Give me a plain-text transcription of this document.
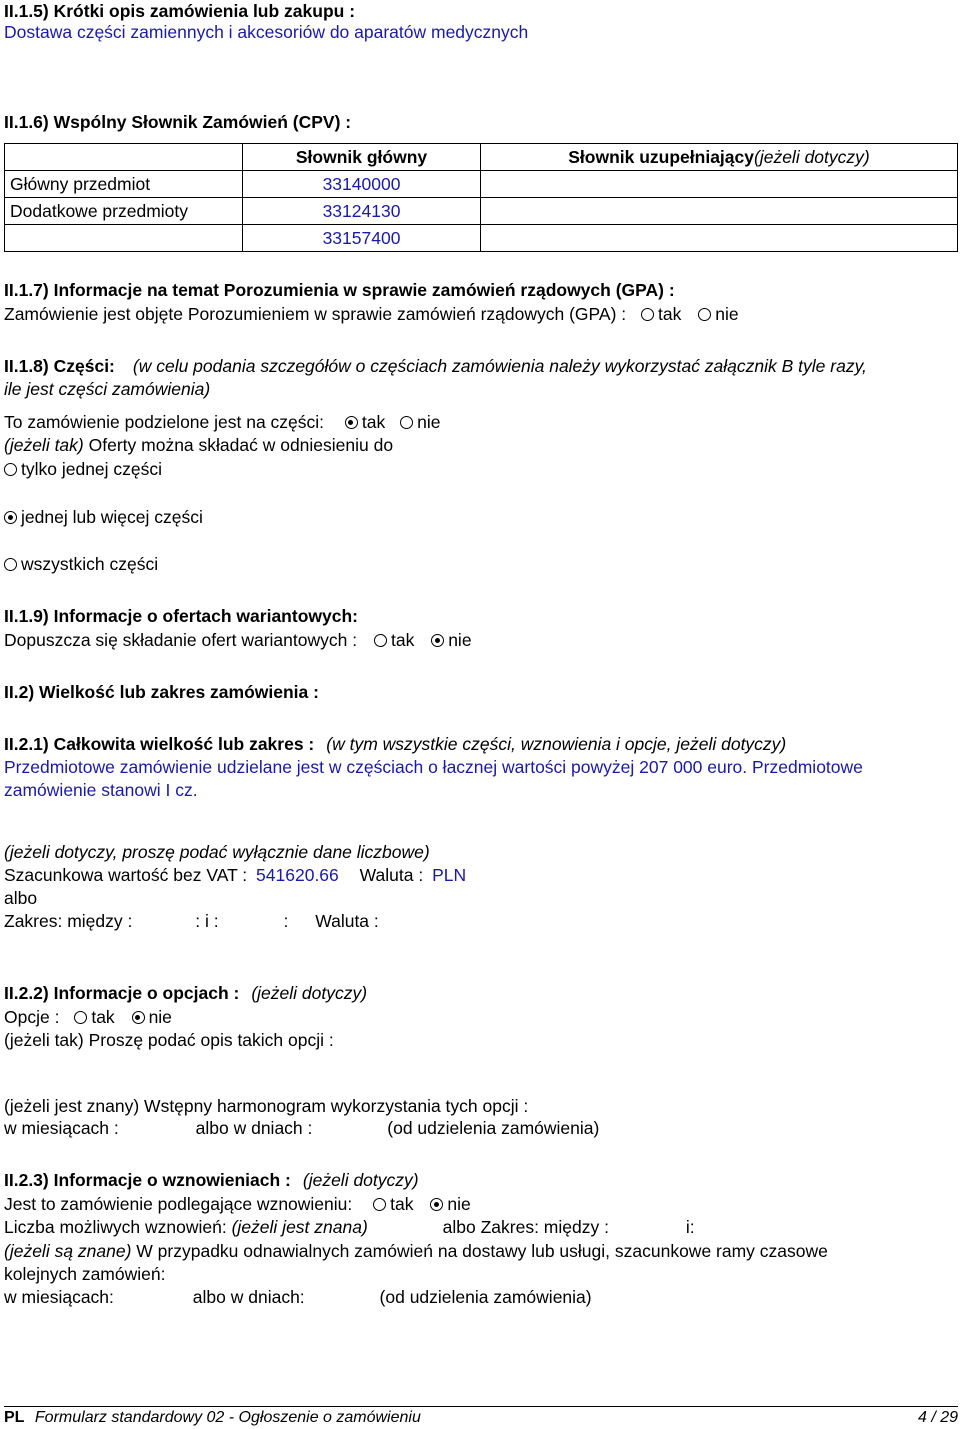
II.1.5) Krótki opis zamówienia lub zakupu :
Dostawa części zamiennych i akcesoriów do aparatów medycznych
II.1.6) Wspólny Słownik Zamówień (CPV) :
	Słownik główny	Słownik uzupełniający(jeżeli dotyczy)
Główny przedmiot	33140000	
Dodatkowe przedmioty	33124130	
	33157400	
II.1.7) Informacje na temat Porozumienia w sprawie zamówień rządowych (GPA) :
Zamówienie jest objęte Porozumieniem w sprawie zamówień rządowych (GPA) : tak nie
II.1.8) Części: (w celu podania szczegółów o częściach zamówienia należy wykorzystać załącznik B tyle razy,
ile jest części zamówienia)
To zamówienie podzielone jest na części: tak nie
(jeżeli tak) Oferty można składać w odniesieniu do
tylko jednej części
jednej lub więcej części
wszystkich części
II.1.9) Informacje o ofertach wariantowych:
Dopuszcza się składanie ofert wariantowych : tak nie
II.2) Wielkość lub zakres zamówienia :
II.2.1) Całkowita wielkość lub zakres : (w tym wszystkie części, wznowienia i opcje, jeżeli dotyczy)
Przedmiotowe zamówienie udzielane jest w częściach o łacznej wartości powyżej 207 000 euro. Przedmiotowe
zamówienie stanowi I cz.
(jeżeli dotyczy, proszę podać wyłącznie dane liczbowe)
Szacunkowa wartość bez VAT : 541620.66 Waluta : PLN
albo
Zakres: między :	: i :	: Waluta :
II.2.2) Informacje o opcjach : (jeżeli dotyczy)
Opcje : tak nie
(jeżeli tak) Proszę podać opis takich opcji :
(jeżeli jest znany) Wstępny harmonogram wykorzystania tych opcji :
w miesiącach :	albo w dniach :	(od udzielenia zamówienia)
II.2.3) Informacje o wznowieniach : (jeżeli dotyczy)
Jest to zamówienie podlegające wznowieniu: tak nie
Liczba możliwych wznowień: (jeżeli jest znana)	albo Zakres: między :	i:
(jeżeli są znane) W przypadku odnawialnych zamówień na dostawy lub usługi, szacunkowe ramy czasowe
kolejnych zamówień:
w miesiącach:	albo w dniach:	(od udzielenia zamówienia)
PL Formularz standardowy 02 - Ogłoszenie o zamówieniu	4 / 29
